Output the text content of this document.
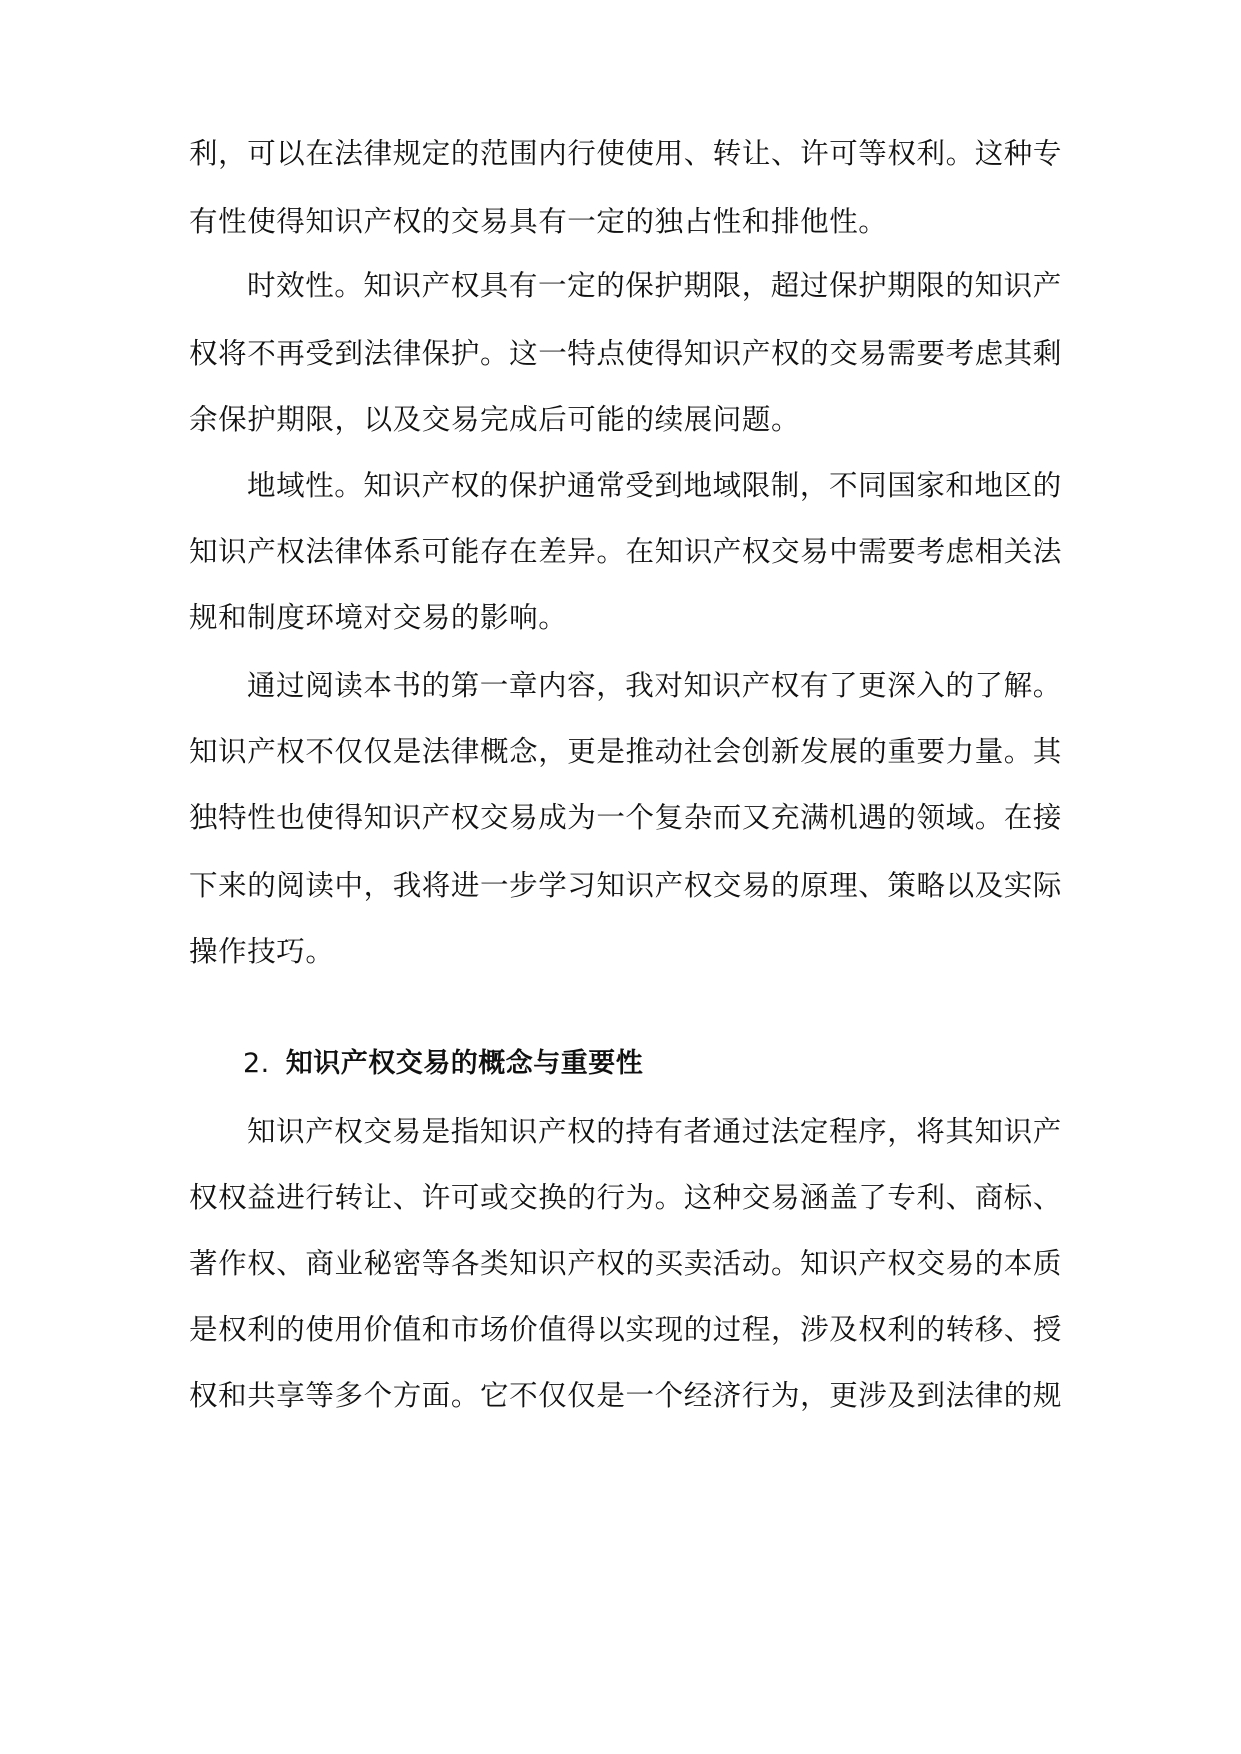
利，可以在法律规定的范围内行使使用、转让、许可等权利。这种专
有性使得知识产权的交易具有一定的独占性和排他性。
时效性。知识产权具有一定的保护期限，超过保护期限的知识产
权将不再受到法律保护。这一特点使得知识产权的交易需要考虑其剩
余保护期限，以及交易完成后可能的续展问题。
地域性。知识产权的保护通常受到地域限制，不同国家和地区的
知识产权法律体系可能存在差异。在知识产权交易中需要考虑相关法
规和制度环境对交易的影响。
通过阅读本书的第一章内容，我对知识产权有了更深入的了解。
知识产权不仅仅是法律概念，更是推动社会创新发展的重要力量。其
独特性也使得知识产权交易成为一个复杂而又充满机遇的领域。在接
下来的阅读中，我将进一步学习知识产权交易的原理、策略以及实际
操作技巧。
2. 知识产权交易的概念与重要性
知识产权交易是指知识产权的持有者通过法定程序，将其知识产
权权益进行转让、许可或交换的行为。这种交易涵盖了专利、商标、
著作权、商业秘密等各类知识产权的买卖活动。知识产权交易的本质
是权利的使用价值和市场价值得以实现的过程，涉及权利的转移、授
权和共享等多个方面。它不仅仅是一个经济行为，更涉及到法律的规
